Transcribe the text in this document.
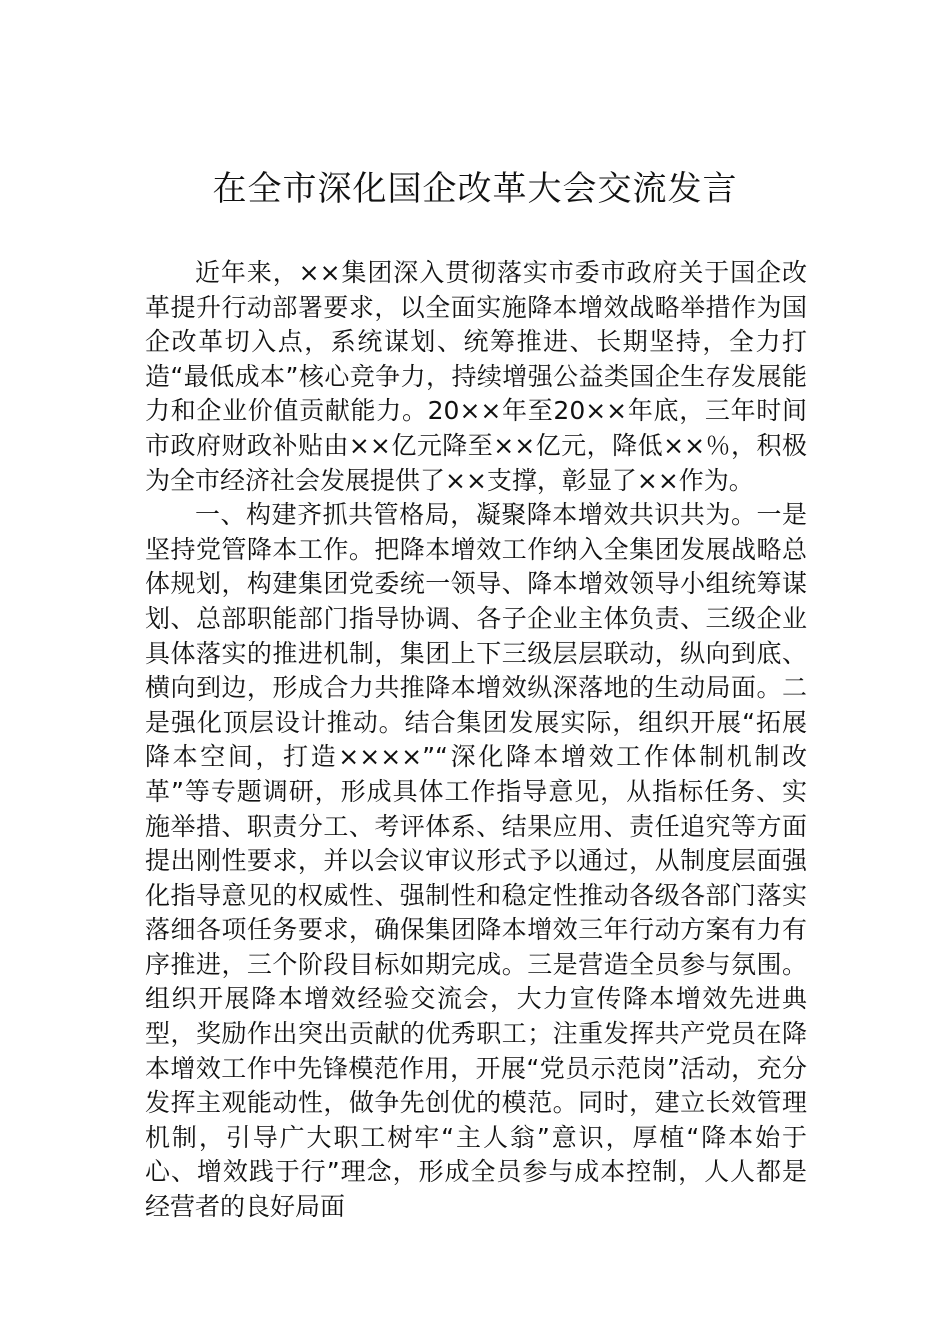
在全市深化国企改革大会交流发言

近年来，××集团深入贯彻落实市委市政府关于国企改革提升行动部署要求，以全面实施降本增效战略举措作为国企改革切入点，系统谋划、统筹推进、长期坚持，全力打造“最低成本”核心竞争力，持续增强公益类国企生存发展能力和企业价值贡献能力。20××年至20××年底，三年时间市政府财政补贴由××亿元降至××亿元，降低××％，积极为全市经济社会发展提供了××支撑，彰显了××作为。

一、构建齐抓共管格局，凝聚降本增效共识共为。一是坚持党管降本工作。把降本增效工作纳入全集团发展战略总体规划，构建集团党委统一领导、降本增效领导小组统筹谋划、总部职能部门指导协调、各子企业主体负责、三级企业具体落实的推进机制，集团上下三级层层联动，纵向到底、横向到边，形成合力共推降本增效纵深落地的生动局面。二是强化顶层设计推动。结合集团发展实际，组织开展“拓展降本空间，打造××××”“深化降本增效工作体制机制改革”等专题调研，形成具体工作指导意见，从指标任务、实施举措、职责分工、考评体系、结果应用、责任追究等方面提出刚性要求，并以会议审议形式予以通过，从制度层面强化指导意见的权威性、强制性和稳定性推动各级各部门落实落细各项任务要求，确保集团降本增效三年行动方案有力有序推进，三个阶段目标如期完成。三是营造全员参与氛围。组织开展降本增效经验交流会，大力宣传降本增效先进典型，奖励作出突出贡献的优秀职工；注重发挥共产党员在降本增效工作中先锋模范作用，开展“党员示范岗”活动，充分发挥主观能动性，做争先创优的模范。同时，建立长效管理机制，引导广大职工树牢“主人翁”意识，厚植“降本始于心、增效践于行”理念，形成全员参与成本控制，人人都是经营者的良好局面
